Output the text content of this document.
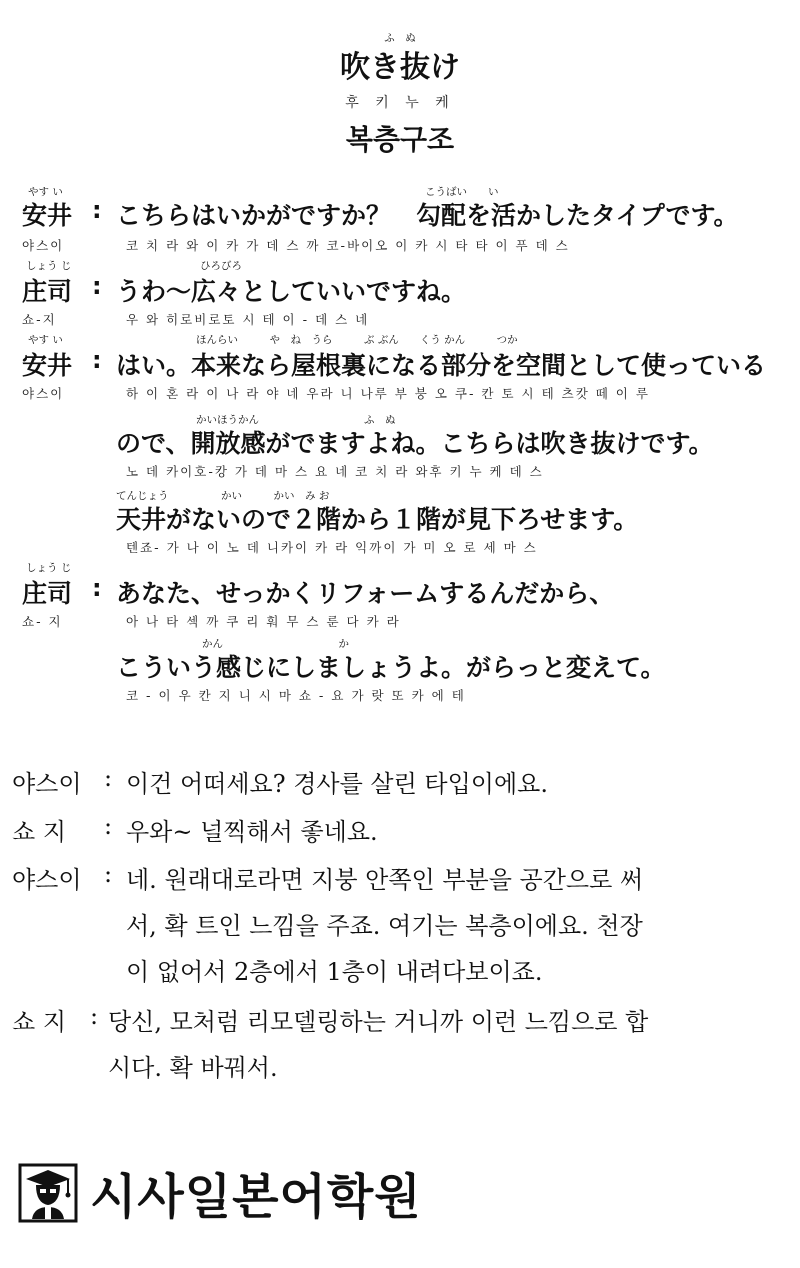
ふ　ぬ
吹き抜け
후 키 누 케
복층구조
やす い
安井 :
야스이
こうばい　　い
こちらはいかがですか？　勾配を活かしたタイプです。
코 치 라 와 이 카 가 데 스 까 코-바이오 이 카 시 타 타 이 푸 데 스
しょう じ
庄司 :
쇼-지
ひろびろ
うわ～広々としていいですね。
우 와 히로비로토 시 테 이 - 데 스 네
やす い
安井 :
야스이
ほんらい　　　や　ね　うら　　　ぶ ぶん　　くう かん　　　つか
はい。本来なら屋根裏になる部分を空間として使っている
하 이 혼 라 이 나 라 야 네 우라 니 나루 부 붕 오 쿠- 칸 토 시 테 츠캇 떼 이 루
かいほうかん　　　　　　　　　　ふ　ぬ
ので、開放感がでますよね。こちらは吹き抜けです。
노 데 카이호-캉 가 데 마 스 요 네 코 치 라 와후 키 누 케 데 스
てんじょう　　　　　かい　　　かい　み お
天井がないので２階から１階が見下ろせます。
텐죠- 가 나 이 노 데 니카이 카 라 익까이 가 미 오 로 세 마 스
しょう じ
庄司 :
쇼- 지
あなた、せっかくリフォームするんだから、
아 나 타 섹 까 쿠 리 훠 무 스 룬 다 카 라
かん　　　　　　　　　　　か
こういう感じにしましょうよ。がらっと変えて。
코 - 이 우 칸 지 니 시 마 쇼 - 요 가 랏 또 카 에 테
야스이 : 이건 어떠세요? 경사를 살린 타입이에요.
쇼 지 : 우와~ 널찍해서 좋네요.
야스이 : 네. 원래대로라면 지붕 안쪽인 부분을 공간으로 써
서, 확 트인 느낌을 주죠. 여기는 복층이에요. 천장
이 없어서 2층에서 1층이 내려다보이죠.
쇼 지 : 당신, 모처럼 리모델링하는 거니까 이런 느낌으로 합
시다. 확 바꿔서.
시사일본어학원
